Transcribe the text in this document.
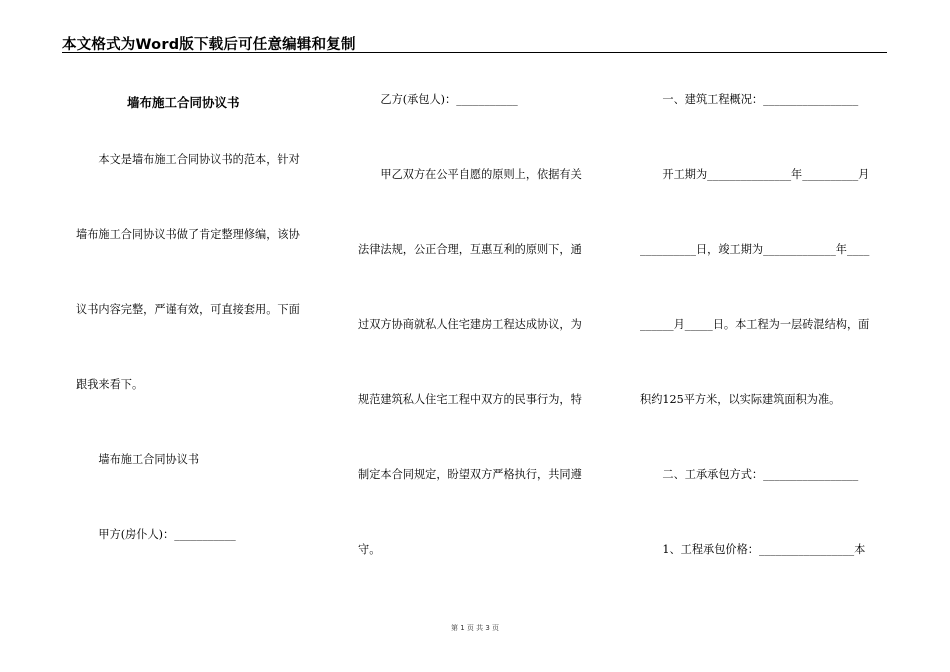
本文格式为Word版下载后可任意编辑和复制
墙布施工合同协议书
　　本文是墙布施工合同协议书的范本，针对
墙布施工合同协议书做了肯定整理修编，该协
议书内容完整，严谨有效，可直接套用。下面
跟我来看下。
　　墙布施工合同协议书
　　甲方(房仆人)：___________
　　乙方(承包人)：___________
　　甲乙双方在公平自愿的原则上，依据有关
法律法规，公正合理，互惠互利的原则下，通
过双方协商就私人住宅建房工程达成协议，为
规范建筑私人住宅工程中双方的民事行为，特
制定本合同规定，盼望双方严格执行，共同遵
守。
　　一、建筑工程概况：_________________
　　开工期为_______________年__________月
__________日，竣工期为_____________年____
______月_____日。本工程为一层砖混结构，面
积约125平方米，以实际建筑面积为准。
　　二、工承承包方式：_________________
　　1、工程承包价格：_________________本
第 1 页 共 3 页
